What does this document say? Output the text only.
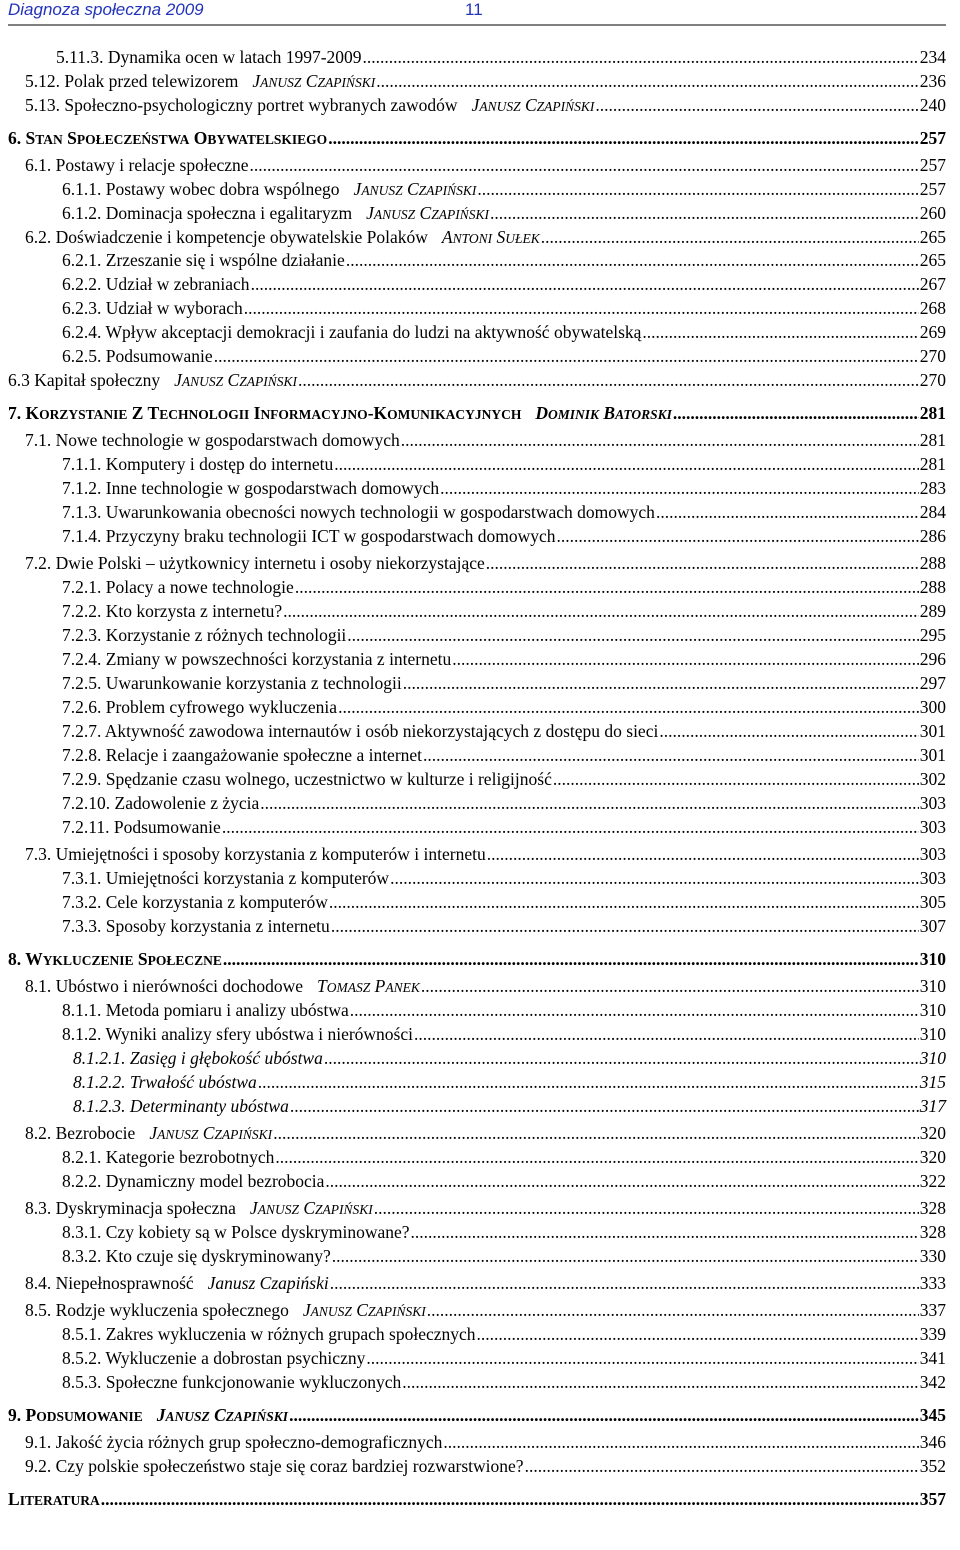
Diagnoza społeczna 2009	11
5.11.3. Dynamika ocen w latach 1997-2009 .....	234
5.12. Polak przed telewizorem JANUSZ CZAPIŃSKI .....	236
5.13. Społeczno-psychologiczny portret wybranych zawodów JANUSZ CZAPIŃSKI .....	240
6. STAN SPOŁECZEŃSTWA OBYWATELSKIEGO .....	257
6.1. Postawy i relacje społeczne .....	257
6.1.1. Postawy wobec dobra wspólnego JANUSZ CZAPIŃSKI .....	257
6.1.2. Dominacja społeczna i egalitaryzm JANUSZ CZAPIŃSKI .....	260
6.2. Doświadczenie i kompetencje obywatelskie Polaków ANTONI SUŁEK .....	265
6.2.1. Zrzeszanie się i wspólne działanie .....	265
6.2.2. Udział w zebraniach .....	267
6.2.3. Udział w wyborach .....	268
6.2.4. Wpływ akceptacji demokracji i zaufania do ludzi na aktywność obywatelską .....	269
6.2.5. Podsumowanie .....	270
6.3 Kapitał społeczny JANUSZ CZAPIŃSKI .....	270
7. KORZYSTANIE Z TECHNOLOGII INFORMACYJNO-KOMUNIKACYJNYCH DOMINIK BATORSKI .....	281
7.1. Nowe technologie w gospodarstwach domowych .....	281
7.1.1. Komputery i dostęp do internetu .....	281
7.1.2. Inne technologie w gospodarstwach domowych .....	283
7.1.3. Uwarunkowania obecności nowych technologii w gospodarstwach domowych .....	284
7.1.4. Przyczyny braku technologii ICT w gospodarstwach domowych .....	286
7.2. Dwie Polski – użytkownicy internetu i osoby niekorzystające .....	288
7.2.1. Polacy a nowe technologie .....	288
7.2.2. Kto korzysta z internetu? .....	289
7.2.3. Korzystanie z różnych technologii .....	295
7.2.4. Zmiany w powszechności korzystania z internetu .....	296
7.2.5. Uwarunkowanie korzystania z technologii .....	297
7.2.6. Problem cyfrowego wykluczenia .....	300
7.2.7. Aktywność zawodowa internautów i osób niekorzystających z dostępu do sieci .....	301
7.2.8. Relacje i zaangażowanie społeczne a internet .....	301
7.2.9. Spędzanie czasu wolnego, uczestnictwo w kulturze i religijność .....	302
7.2.10. Zadowolenie z życia .....	303
7.2.11. Podsumowanie .....	303
7.3. Umiejętności i sposoby korzystania z komputerów i internetu .....	303
7.3.1. Umiejętności korzystania z komputerów .....	303
7.3.2. Cele korzystania z komputerów .....	305
7.3.3. Sposoby korzystania z internetu .....	307
8. WYKLUCZENIE SPOŁECZNE .....	310
8.1. Ubóstwo i nierówności dochodowe TOMASZ PANEK .....	310
8.1.1. Metoda pomiaru i analizy ubóstwa .....	310
8.1.2. Wyniki analizy sfery ubóstwa i nierówności .....	310
8.1.2.1. Zasięg i głębokość ubóstwa .....	310
8.1.2.2. Trwałość ubóstwa .....	315
8.1.2.3. Determinanty ubóstwa .....	317
8.2. Bezrobocie JANUSZ CZAPIŃSKI .....	320
8.2.1. Kategorie bezrobotnych .....	320
8.2.2. Dynamiczny model bezrobocia .....	322
8.3. Dyskryminacja społeczna JANUSZ CZAPIŃSKI .....	328
8.3.1. Czy kobiety są w Polsce dyskryminowane? .....	328
8.3.2. Kto czuje się dyskryminowany? .....	330
8.4. Niepełnosprawność Janusz Czapiński .....	333
8.5. Rodzje wykluczenia społecznego JANUSZ CZAPIŃSKI .....	337
8.5.1. Zakres wykluczenia w różnych grupach społecznych .....	339
8.5.2. Wykluczenie a dobrostan psychiczny .....	341
8.5.3. Społeczne funkcjonowanie wykluczonych .....	342
9. PODSUMOWANIE JANUSZ CZAPIŃSKI .....	345
9.1. Jakość życia różnych grup społeczno-demograficznych .....	346
9.2. Czy polskie społeczeństwo staje się coraz bardziej rozwarstwione? .....	352
LITERATURA .....	357
